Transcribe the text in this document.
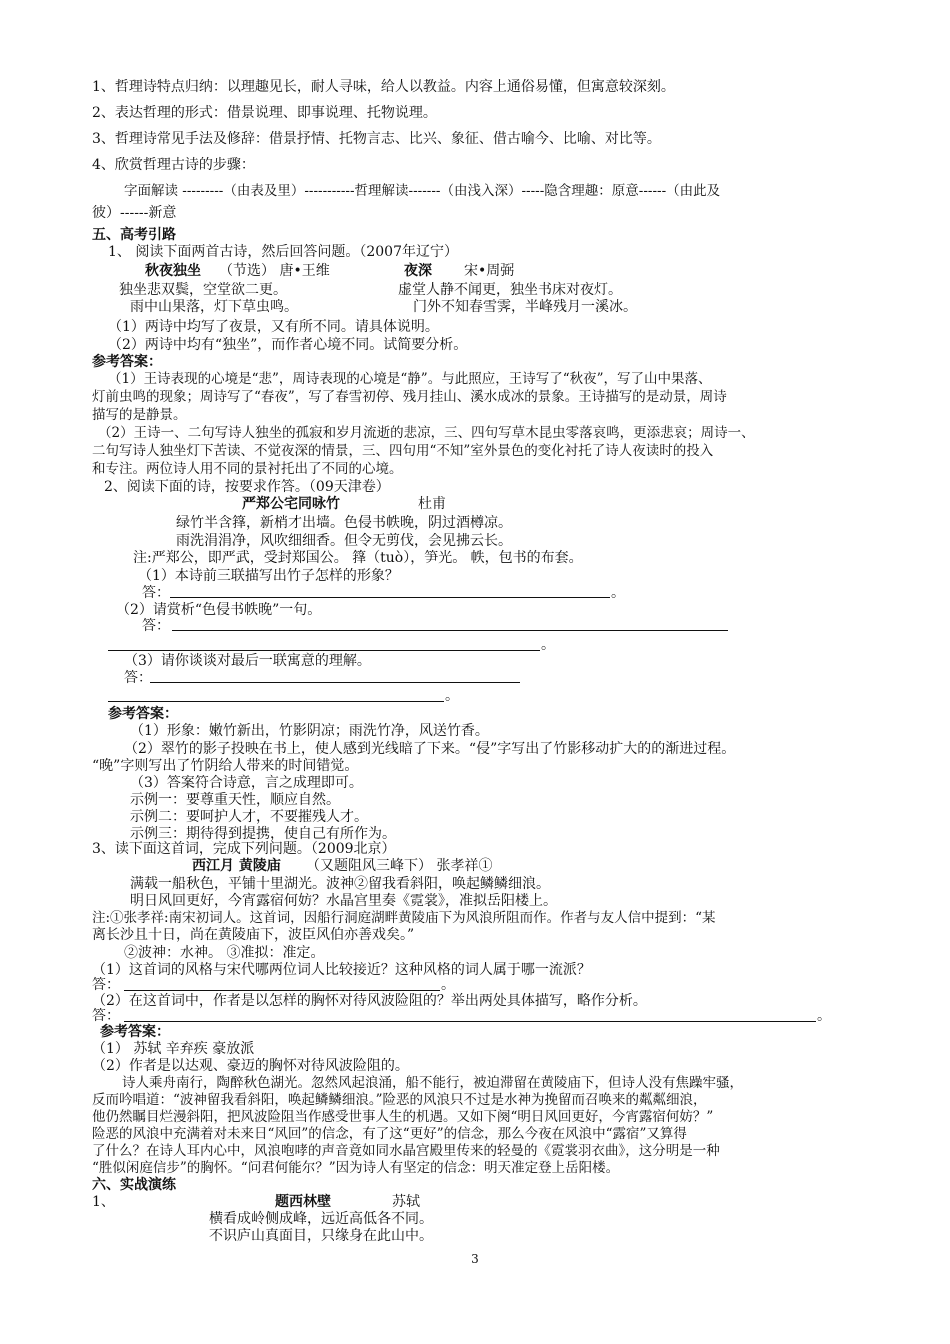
1、哲理诗特点归纳：以理趣见长，耐人寻味，给人以教益。内容上通俗易懂，但寓意较深刻。
2、表达哲理的形式：借景说理、即事说理、托物说理。
3、哲理诗常见手法及修辞：借景抒情、托物言志、比兴、象征、借古喻今、比喻、对比等。
4、欣赏哲理古诗的步骤：
字面解读 ---------（由表及里）-----------哲理解读-------（由浅入深）-----隐含理趣：原意------（由此及
彼）------新意
五、高考引路
1、 阅读下面两首古诗，然后回答问题。（2007年辽宁）
秋夜独坐 （节选） 唐•王维	夜深 宋•周弼
独坐悲双鬓，空堂欲二更。	虚堂人静不闻更，独坐书床对夜灯。
雨中山果落，灯下草虫鸣。	门外不知春雪霁，半峰残月一溪冰。
（1）两诗中均写了夜景，又有所不同。请具体说明。
（2）两诗中均有“独坐”，而作者心境不同。试简要分析。
参考答案：
（1）王诗表现的心境是“悲”，周诗表现的心境是“静”。与此照应，王诗写了“秋夜”，写了山中果落、
灯前虫鸣的现象；周诗写了“春夜”，写了春雪初停、残月挂山、溪水成冰的景象。王诗描写的是动景，周诗
描写的是静景。
（2）王诗一、二句写诗人独坐的孤寂和岁月流逝的悲凉，三、四句写草木昆虫零落哀鸣，更添悲哀；周诗一、
二句写诗人独坐灯下苦读、不觉夜深的情景，三、四句用“不知”室外景色的变化衬托了诗人夜读时的投入
和专注。两位诗人用不同的景衬托出了不同的心境。
2、阅读下面的诗，按要求作答。（09天津卷）
严郑公宅同咏竹	杜甫
绿竹半含箨，新梢才出墙。色侵书帙晚，阴过酒樽凉。
雨洗涓涓净，风吹细细香。但令无剪伐，会见拂云长。
注:严郑公，即严武，受封郑国公。 箨（tuò），笋光。 帙，包书的布套。
（1）本诗前三联描写出竹子怎样的形象？
答：	。
（2）请赏析“色侵书帙晚”一句。
答：
。
（3）请你谈谈对最后一联寓意的理解。
答：
。
参考答案：
（1）形象：嫩竹新出，竹影阴凉；雨洗竹净，风送竹香。
（2）翠竹的影子投映在书上，使人感到光线暗了下来。“侵”字写出了竹影移动扩大的的渐进过程。
“晚”字则写出了竹阴给人带来的时间错觉。
（3）答案符合诗意，言之成理即可。
示例一：要尊重天性，顺应自然。
示例二：要呵护人才，不要摧残人才。
示例三：期待得到提携，使自己有所作为。
3、读下面这首词，完成下列问题。（2009北京）
西江月 黄陵庙 （又题阻风三峰下） 张孝祥①
满载一船秋色，平铺十里湖光。波神②留我看斜阳，唤起鳞鳞细浪。
明日风回更好，今宵露宿何妨？水晶宫里奏《霓裳》，准拟岳阳楼上。
注:①张孝祥:南宋初词人。这首词，因船行洞庭湖畔黄陵庙下为风浪所阻而作。作者与友人信中提到：“某
离长沙且十日，尚在黄陵庙下，波臣风伯亦善戏矣。”
②波神：水神。 ③准拟：准定。
（1）这首词的风格与宋代哪两位词人比较接近？这种风格的词人属于哪一流派？
答：	。
（2）在这首词中，作者是以怎样的胸怀对待风波险阻的？举出两处具体描写，略作分析。
答：	。
参考答案：
（1） 苏轼 辛弃疾 豪放派
（2）作者是以达观、豪迈的胸怀对待风波险阻的。
诗人乘舟南行，陶醉秋色湖光。忽然风起浪涌，船不能行，被迫滞留在黄陵庙下，但诗人没有焦躁牢骚，
反而吟唱道：“波神留我看斜阳，唤起鳞鳞细浪。”险恶的风浪只不过是水神为挽留而召唤来的粼粼细浪，
他仍然瞩目烂漫斜阳，把风波险阻当作感受世事人生的机遇。又如下阕“明日风回更好，今宵露宿何妨？”
险恶的风浪中充满着对未来日“风回”的信念，有了这“更好”的信念，那么今夜在风浪中“露宿”又算得
了什么？在诗人耳内心中，风浪咆哮的声音竟如同水晶宫殿里传来的轻曼的《霓裳羽衣曲》，这分明是一种
“胜似闲庭信步”的胸怀。“问君何能尔？”因为诗人有坚定的信念：明天准定登上岳阳楼。
六、实战演练
1、	题西林壁	苏轼
横看成岭侧成峰，远近高低各不同。
不识庐山真面目，只缘身在此山中。
3
